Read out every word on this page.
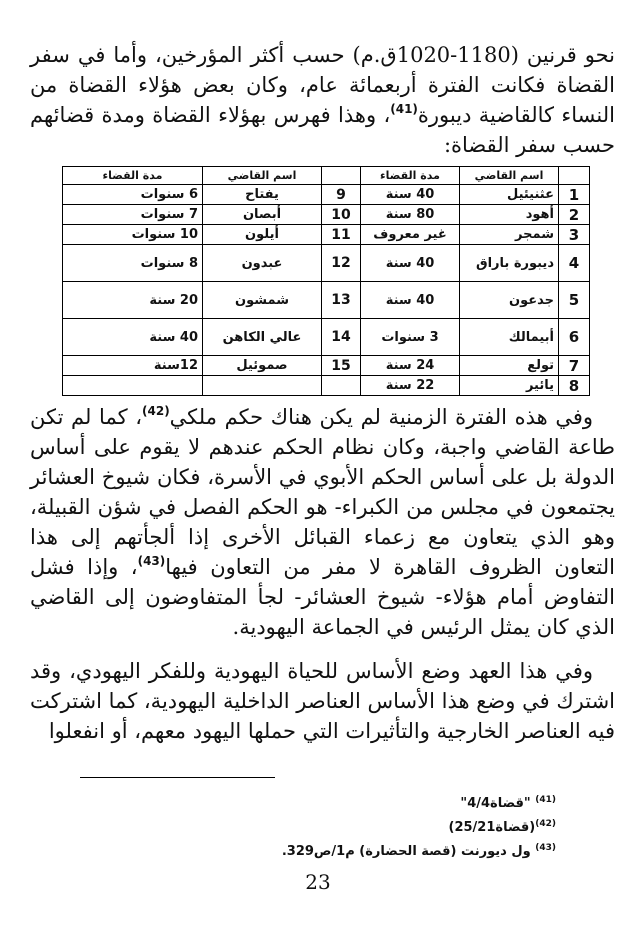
نحو قرنين (1180-1020ق.م) حسب أكثر المؤرخين، وأما في سفر القضاة فكانت الفترة أربعمائة عام، وكان بعض هؤلاء القضاة من النساء كالقاضية ديبورة$^{(41)}$، وهذا فهرس بهؤلاء القضاة ومدة قضائهم حسب سفر القضاة:

	اسم القاضي	مدة القضاء		اسم القاضي	مدة القضاء
1	عثنيئيل	40 سنة	9	يفتاح	6 سنوات
2	أهود	80 سنة	10	أبصان	7 سنوات
3	شمجر	غير معروف	11	أيلون	10 سنوات
4	ديبورة باراق	40 سنة	12	عبدون	8 سنوات
5	جدعون	40 سنة	13	شمشون	20 سنة
6	أبيمالك	3 سنوات	14	عالي الكاهن	40 سنة
7	تولع	24 سنة	15	صموئيل	12سنة
8	يائير	22 سنة			

وفي هذه الفترة الزمنية لم يكن هناك حكم ملكي$^{(42)}$، كما لم تكن طاعة القاضي واجبة، وكان نظام الحكم عندهم لا يقوم على أساس الدولة بل على أساس الحكم الأبوي في الأسرة، فكان شيوخ العشائر يجتمعون في مجلس من الكبراء- هو الحكم الفصل في شؤن القبيلة، وهو الذي يتعاون مع زعماء القبائل الأخرى إذا ألجأتهم إلى هذا التعاون الظروف القاهرة لا مفر من التعاون فيها$^{(43)}$، وإذا فشل التفاوض أمام هؤلاء- شيوخ العشائر- لجأ المتفاوضون إلى القاضي الذي كان يمثل الرئيس في الجماعة اليهودية.

وفي هذا العهد وضع الأساس للحياة اليهودية وللفكر اليهودي، وقد اشترك في وضع هذا الأساس العناصر الداخلية اليهودية، كما اشتركت فيه العناصر الخارجية والتأثيرات التي حملها اليهود معهم، أو انفعلوا

$^{(41)}$ "قضاة4/4"
$^{(42)}$(قضاة25/21)
$^{(43)}$ ول ديورنت (قصة الحضارة) م1/ص329.
23
